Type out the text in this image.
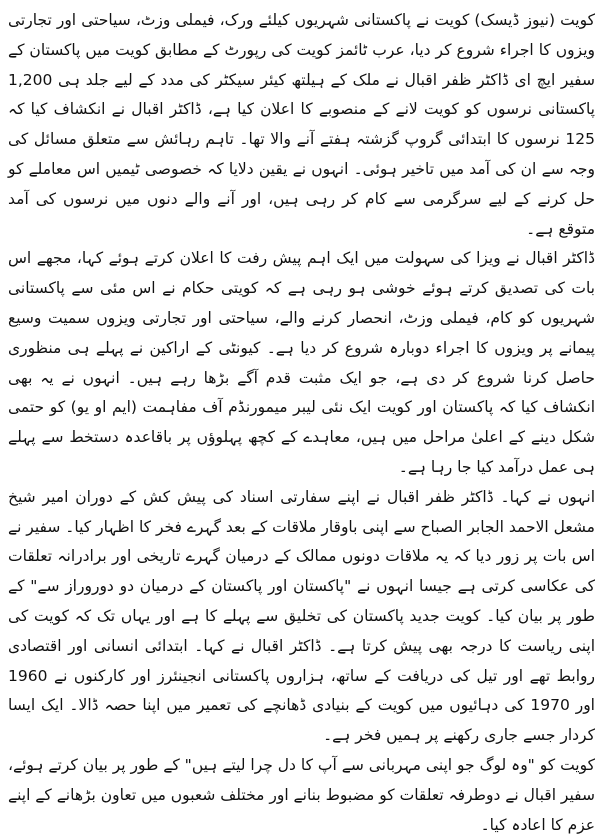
کویت (نیوز ڈیسک) کویت نے پاکستانی شہریوں کیلئے ورک، فیملی وزٹ، سیاحتی اور تجارتی ویزوں کا اجراء شروع کر دیا، عرب ٹائمز کویت کی رپورٹ کے مطابق کویت میں پاکستان کے سفیر ایچ ای ڈاکٹر ظفر اقبال نے ملک کے ہیلتھ کیئر سیکٹر کی مدد کے لیے جلد ہی 1,200 پاکستانی نرسوں کو کویت لانے کے منصوبے کا اعلان کیا ہے، ڈاکٹر اقبال نے انکشاف کیا کہ 125 نرسوں کا ابتدائی گروپ گزشتہ ہفتے آنے والا تھا۔ تاہم رہائش سے متعلق مسائل کی وجہ سے ان کی آمد میں تاخیر ہوئی۔ انہوں نے یقین دلایا کہ خصوصی ٹیمیں اس معاملے کو حل کرنے کے لیے سرگرمی سے کام کر رہی ہیں، اور آنے والے دنوں میں نرسوں کی آمد متوقع ہے۔

ڈاکٹر اقبال نے ویزا کی سہولت میں ایک اہم پیش رفت کا اعلان کرتے ہوئے کہا، مجھے اس بات کی تصدیق کرتے ہوئے خوشی ہو رہی ہے کہ کویتی حکام نے اس مئی سے پاکستانی شہریوں کو کام، فیملی وزٹ، انحصار کرنے والے، سیاحتی اور تجارتی ویزوں سمیت وسیع پیمانے پر ویزوں کا اجراء دوبارہ شروع کر دیا ہے۔ کیونٹی کے اراکین نے پہلے ہی منظوری حاصل کرنا شروع کر دی ہے، جو ایک مثبت قدم آگے بڑھا رہے ہیں۔ انہوں نے یہ بھی انکشاف کیا کہ پاکستان اور کویت ایک نئی لیبر میمورنڈم آف مفاہمت (ایم او یو) کو حتمی شکل دینے کے اعلیٰ مراحل میں ہیں، معاہدے کے کچھ پہلوؤں پر باقاعدہ دستخط سے پہلے ہی عمل درآمد کیا جا رہا ہے۔

انہوں نے کہا۔ ڈاکٹر ظفر اقبال نے اپنے سفارتی اسناد کی پیش کش کے دوران امیر شیخ مشعل الاحمد الجابر الصباح سے اپنی باوقار ملاقات کے بعد گہرے فخر کا اظہار کیا۔ سفیر نے اس بات پر زور دیا کہ یہ ملاقات دونوں ممالک کے درمیان گہرے تاریخی اور برادرانہ تعلقات کی عکاسی کرتی ہے جیسا انہوں نے "پاکستان اور پاکستان کے درمیان دو دوروراز سے" کے طور پر بیان کیا۔ کویت جدید پاکستان کی تخلیق سے پہلے کا ہے اور یہاں تک کہ کویت کی اپنی ریاست کا درجہ بھی پیش کرتا ہے۔ ڈاکٹر اقبال نے کہا۔ ابتدائی انسانی اور اقتصادی روابط تھے اور تیل کی دریافت کے ساتھ، ہزاروں پاکستانی انجینئرز اور کارکنوں نے 1960 اور 1970 کی دہائیوں میں کویت کے بنیادی ڈھانچے کی تعمیر میں اپنا حصہ ڈالا۔ ایک ایسا کردار جسے جاری رکھنے پر ہمیں فخر ہے۔

کویت کو "وہ لوگ جو اپنی مہربانی سے آپ کا دل چرا لیتے ہیں" کے طور پر بیان کرتے ہوئے، سفیر اقبال نے دوطرفہ تعلقات کو مضبوط بنانے اور مختلف شعبوں میں تعاون بڑھانے کے اپنے عزم کا اعادہ کیا۔
